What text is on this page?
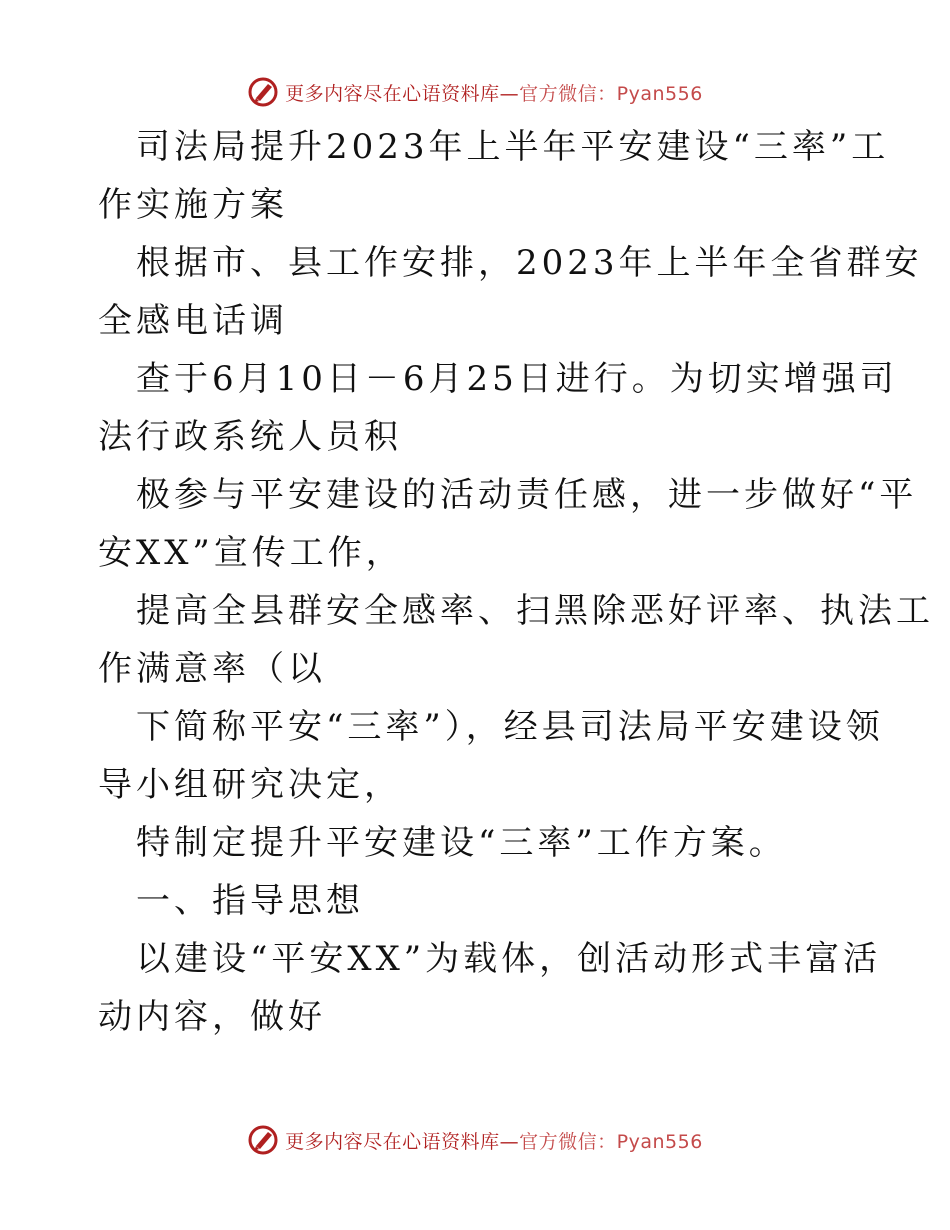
更多内容尽在心语资料库—官方微信：Pyan556

司法局提升2023年上半年平安建设“三率”工

作实施方案

根据市、县工作安排，2023年上半年全省群安

全感电话调

查于6月10日－6月25日进行。为切实增强司

法行政系统人员积

极参与平安建设的活动责任感，进一步做好“平

安XX”宣传工作，

提高全县群安全感率、扫黑除恶好评率、执法工

作满意率（以

下简称平安“三率”），经县司法局平安建设领

导小组研究决定，

特制定提升平安建设“三率”工作方案。

一、指导思想

以建设“平安XX”为载体，创活动形式丰富活

动内容，做好

更多内容尽在心语资料库—官方微信：Pyan556
